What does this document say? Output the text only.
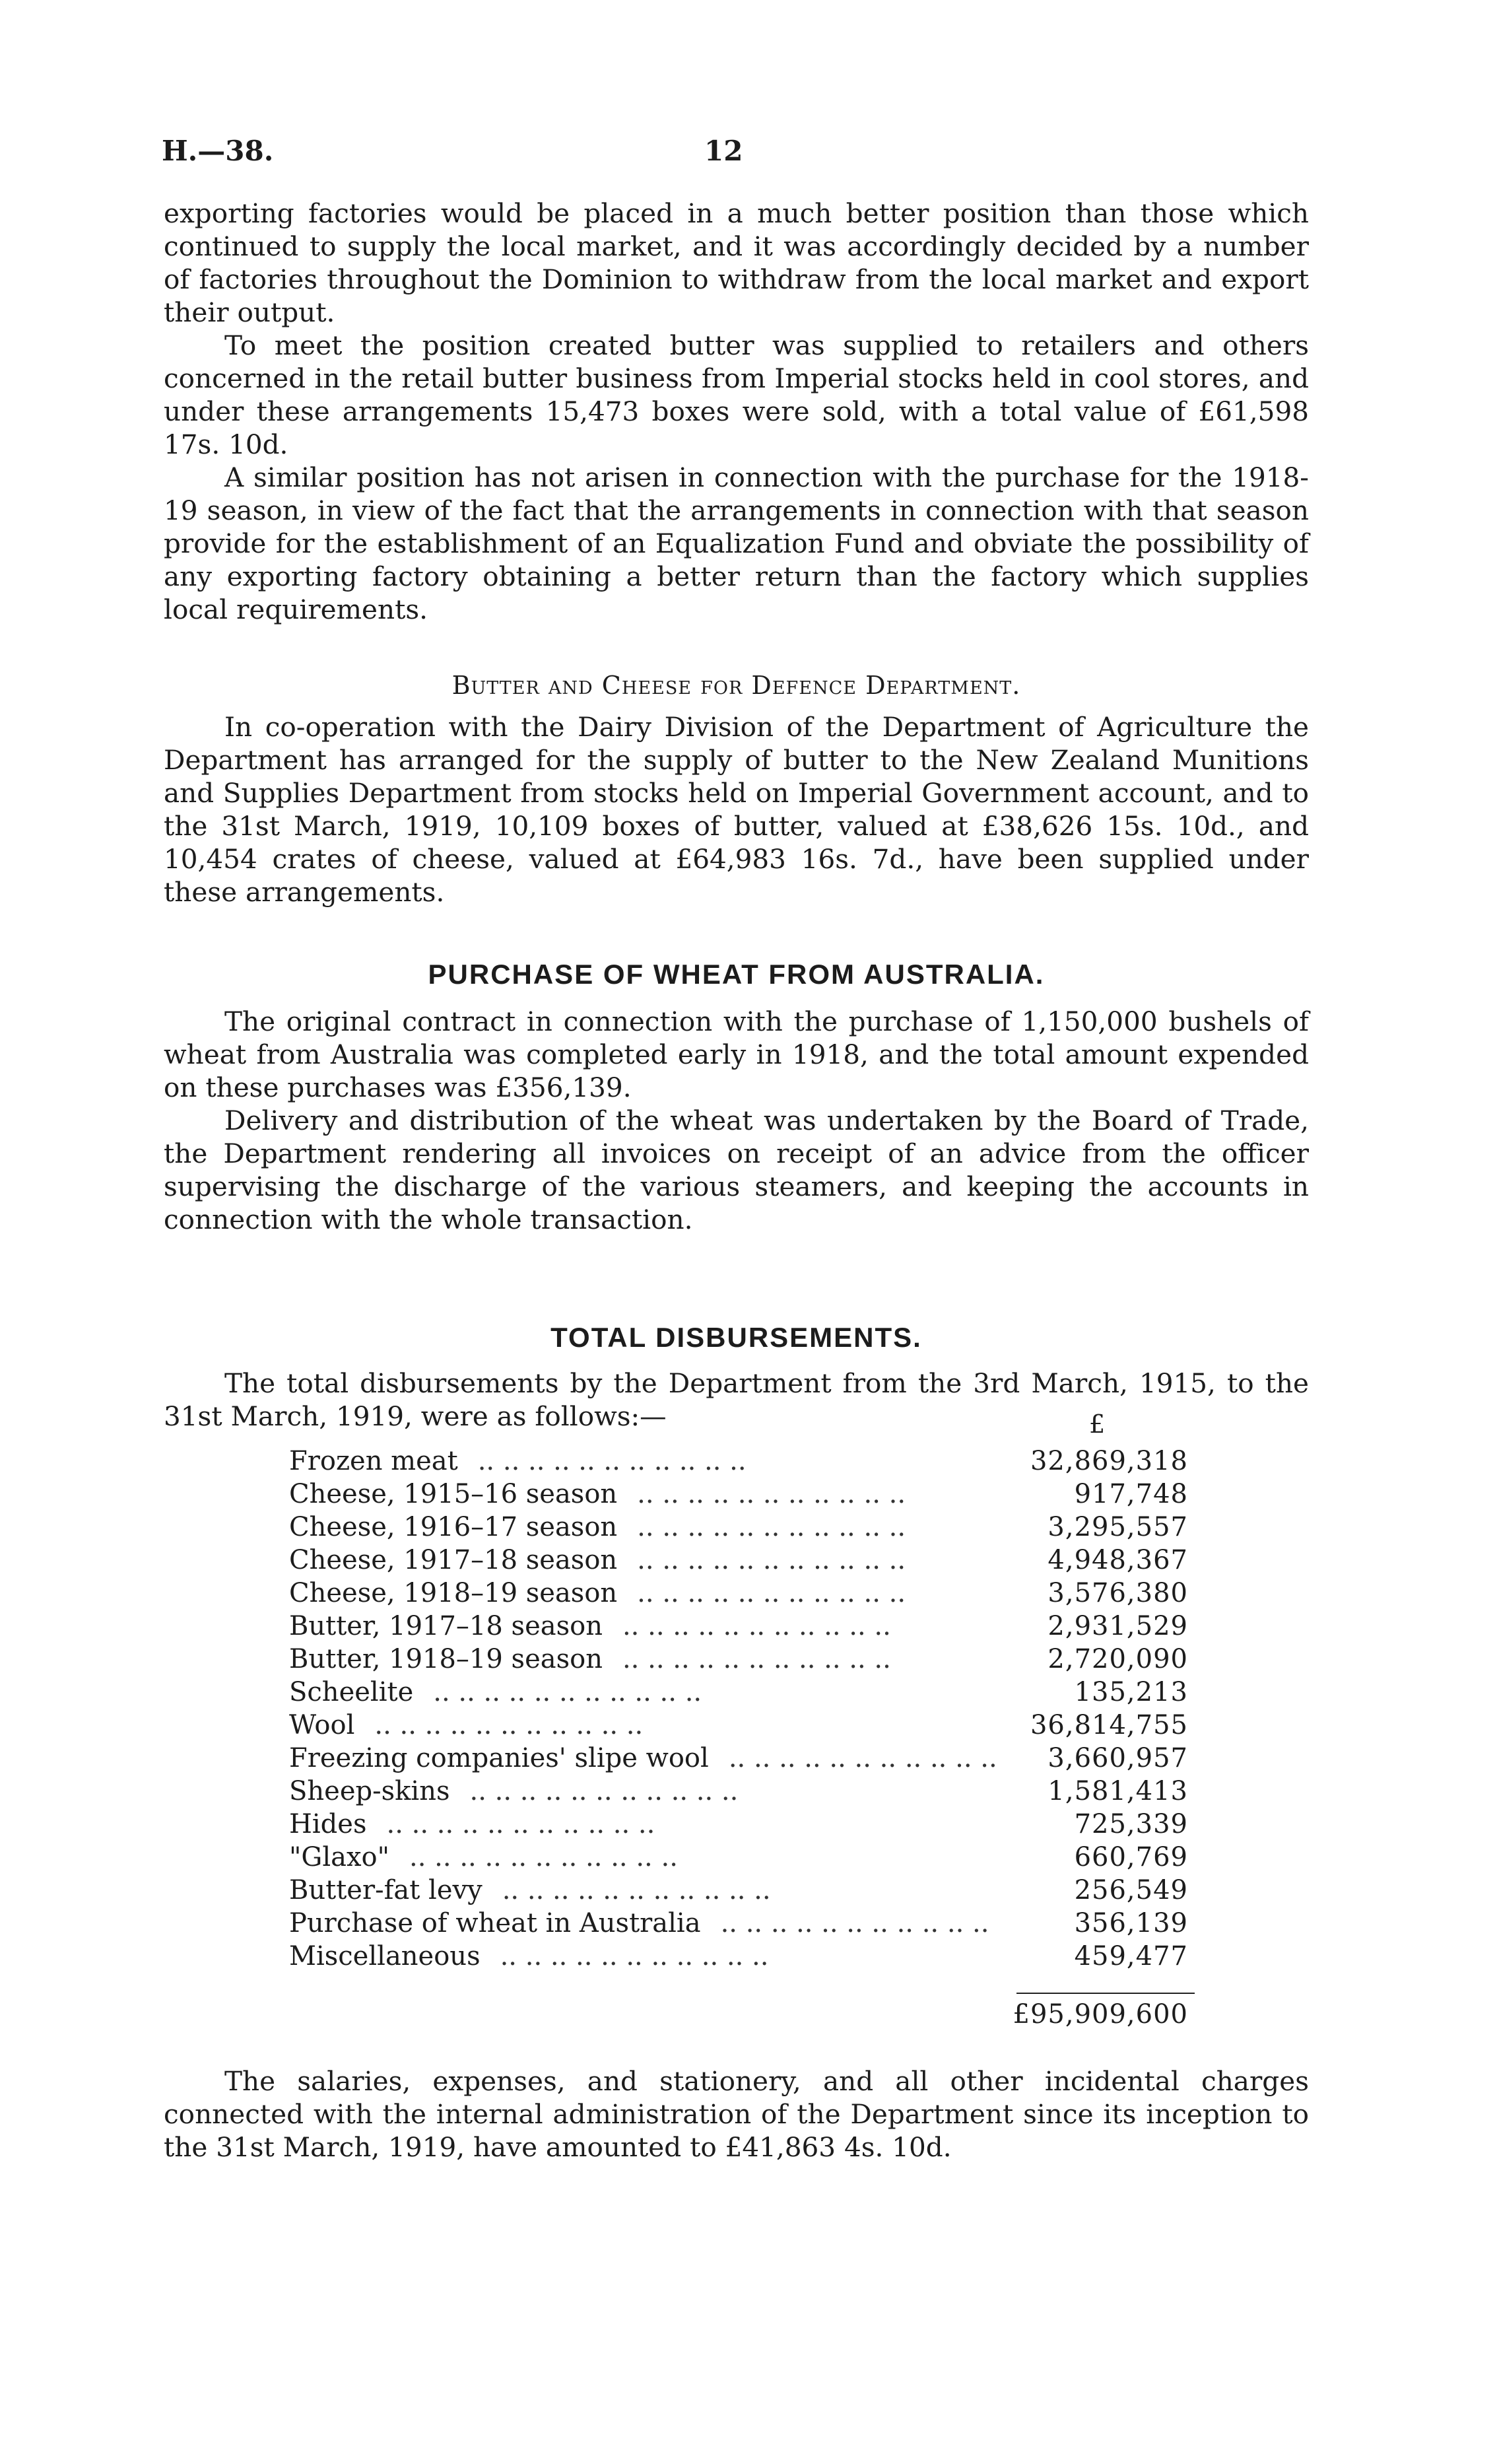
H.—38.	12

exporting factories would be placed in a much better position than those which continued to supply the local market, and it was accordingly decided by a number of factories throughout the Dominion to withdraw from the local market and export their output.

To meet the position created butter was supplied to retailers and others concerned in the retail butter business from Imperial stocks held in cool stores, and under these arrangements 15,473 boxes were sold, with a total value of £61,598 17s. 10d.

A similar position has not arisen in connection with the purchase for the 1918-19 season, in view of the fact that the arrangements in connection with that season provide for the establishment of an Equalization Fund and obviate the possibility of any exporting factory obtaining a better return than the factory which supplies local requirements.

Butter and Cheese for Defence Department.

In co-operation with the Dairy Division of the Department of Agriculture the Department has arranged for the supply of butter to the New Zealand Munitions and Supplies Department from stocks held on Imperial Government account, and to the 31st March, 1919, 10,109 boxes of butter, valued at £38,626 15s. 10d., and 10,454 crates of cheese, valued at £64,983 16s. 7d., have been supplied under these arrangements.

PURCHASE OF WHEAT FROM AUSTRALIA.

The original contract in connection with the purchase of 1,150,000 bushels of wheat from Australia was completed early in 1918, and the total amount expended on these purchases was £356,139.

Delivery and distribution of the wheat was undertaken by the Board of Trade, the Department rendering all invoices on receipt of an advice from the officer supervising the discharge of the various steamers, and keeping the accounts in connection with the whole transaction.

TOTAL DISBURSEMENTS.

The total disbursements by the Department from the 3rd March, 1915, to the 31st March, 1919, were as follows:—	£
Frozen meat .. .. .. .. .. .. .. .. .. .. ..	32,869,318
Cheese, 1915–16 season .. .. .. .. .. .. .. .. .. .. ..	917,748
Cheese, 1916–17 season .. .. .. .. .. .. .. .. .. .. ..	3,295,557
Cheese, 1917–18 season .. .. .. .. .. .. .. .. .. .. ..	4,948,367
Cheese, 1918–19 season .. .. .. .. .. .. .. .. .. .. ..	3,576,380
Butter, 1917–18 season .. .. .. .. .. .. .. .. .. .. ..	2,931,529
Butter, 1918–19 season .. .. .. .. .. .. .. .. .. .. ..	2,720,090
Scheelite .. .. .. .. .. .. .. .. .. .. ..	135,213
Wool .. .. .. .. .. .. .. .. .. .. ..	36,814,755
Freezing companies' slipe wool .. .. .. .. .. .. .. .. .. .. ..	3,660,957
Sheep-skins .. .. .. .. .. .. .. .. .. .. ..	1,581,413
Hides .. .. .. .. .. .. .. .. .. .. ..	725,339
"Glaxo" .. .. .. .. .. .. .. .. .. .. ..	660,769
Butter-fat levy .. .. .. .. .. .. .. .. .. .. ..	256,549
Purchase of wheat in Australia .. .. .. .. .. .. .. .. .. .. ..	356,139
Miscellaneous .. .. .. .. .. .. .. .. .. .. ..	459,477
£95,909,600

The salaries, expenses, and stationery, and all other incidental charges connected with the internal administration of the Department since its inception to the 31st March, 1919, have amounted to £41,863 4s. 10d.
